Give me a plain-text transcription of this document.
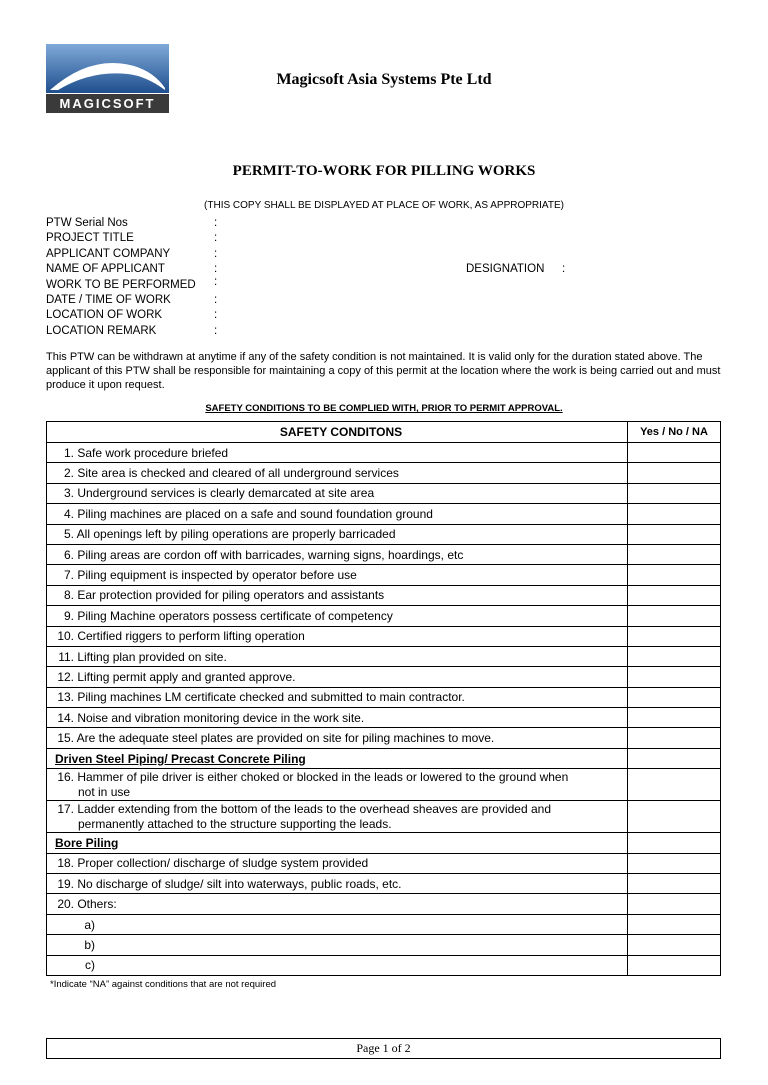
MAGICSOFT
Magicsoft Asia Systems Pte Ltd
PERMIT-TO-WORK FOR PILLING WORKS
(THIS COPY SHALL BE DISPLAYED AT PLACE OF WORK, AS APPROPRIATE)
PTW Serial Nos	:
PROJECT TITLE	:
APPLICANT COMPANY	:
NAME OF APPLICANT	:	DESIGNATION :
WORK TO BE PERFORMED :
DATE / TIME OF WORK	:
LOCATION OF WORK	:
LOCATION REMARK	:
This PTW can be withdrawn at anytime if any of the safety condition is not maintained. It is valid only for the duration stated above. The applicant of this PTW shall be responsible for maintaining a copy of this permit at the location where the work is being carried out and must produce it upon request.
SAFETY CONDITIONS TO BE COMPLIED WITH, PRIOR TO PERMIT APPROVAL.
SAFETY CONDITONS	Yes / No / NA
1. Safe work procedure briefed	
2. Site area is checked and cleared of all underground services	
3. Underground services is clearly demarcated at site area	
4. Piling machines are placed on a safe and sound foundation ground	
5. All openings left by piling operations are properly barricaded	
6. Piling areas are cordon off with barricades, warning signs, hoardings, etc	
7. Piling equipment is inspected by operator before use	
8. Ear protection provided for piling operators and assistants	
9. Piling Machine operators possess certificate of competency	
10. Certified riggers to perform lifting operation	
11. Lifting plan provided on site.	
12. Lifting permit apply and granted approve.	
13. Piling machines LM certificate checked and submitted to main contractor.	
14. Noise and vibration monitoring device in the work site.	
15. Are the adequate steel plates are provided on site for piling machines to move.	
Driven Steel Piping/ Precast Concrete Piling	
16. Hammer of pile driver is either choked or blocked in the leads or lowered to the ground when
not in use	
17. Ladder extending from the bottom of the leads to the overhead sheaves are provided and
permanently attached to the structure supporting the leads.	
Bore Piling	
18. Proper collection/ discharge of sludge system provided	
19. No discharge of sludge/ silt into waterways, public roads, etc.	
20. Others:	
a)	
b)	
c)	
*Indicate “NA” against conditions that are not required
Page 1 of 2
